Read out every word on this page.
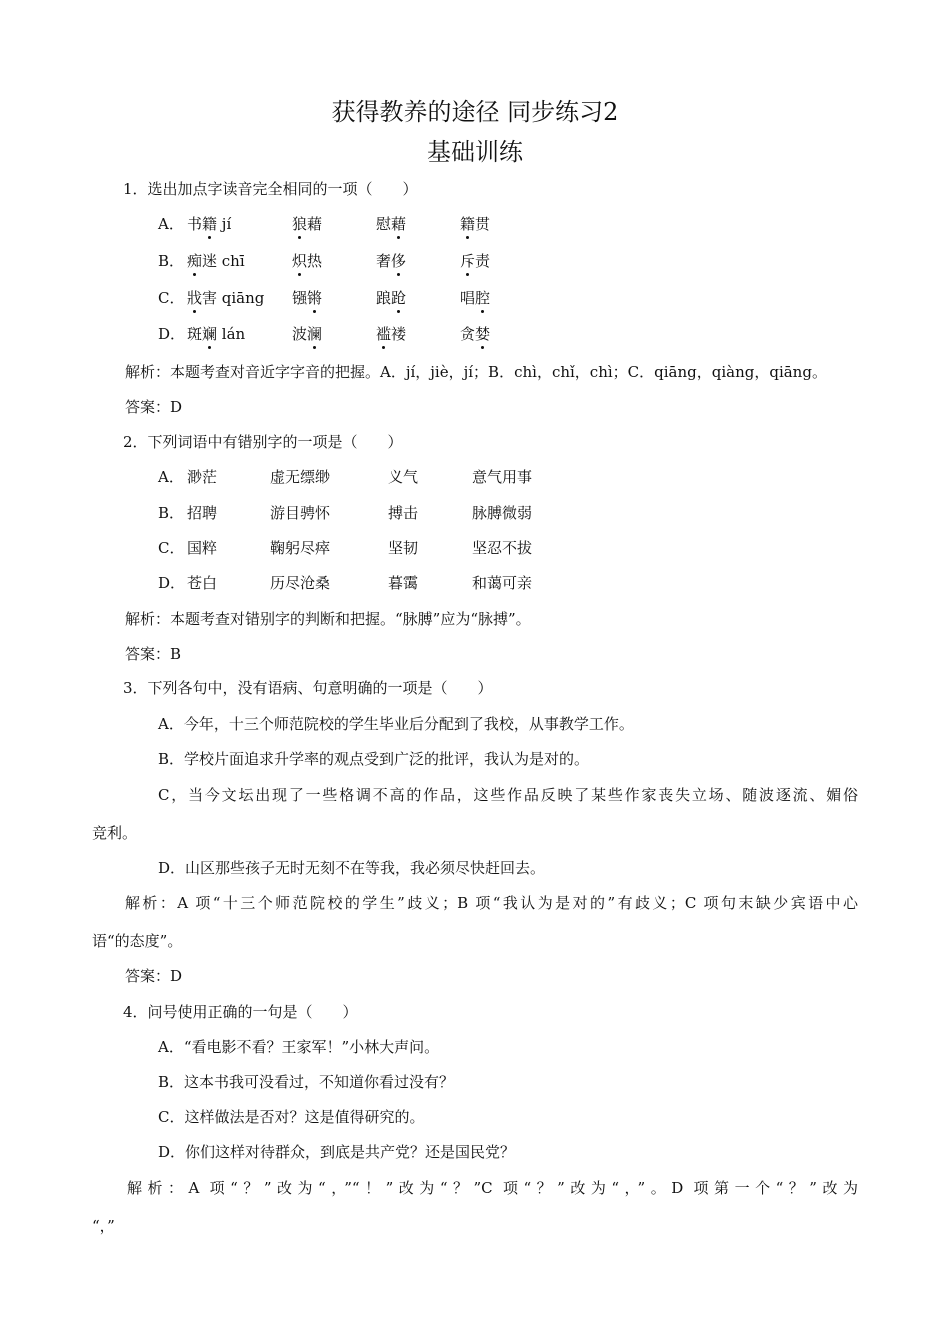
获得教养的途径 同步练习2
基础训练
1．选出加点字读音完全相同的一项（　　）
A． 书籍 jí	狼藉	慰藉	籍贯
B． 痴迷 chī	炽热	奢侈	斥责
C． 戕害 qiāng 镪锵	踉跄	唱腔
D． 斑斓 lán	波澜	褴褛	贪婪
解析：本题考查对音近字字音的把握。A．jí，jiè，jí；B．chì，chǐ，chì；C．qiāng，qiàng，qiāng。
答案：D
2．下列词语中有错别字的一项是（　　）
A． 渺茫	虚无缥缈	义气	意气用事
B． 招聘	游目骋怀	搏击	脉膊微弱
C． 国粹	鞠躬尽瘁	坚韧	坚忍不拔
D． 苍白	历尽沧桑	暮霭	和蔼可亲
解析：本题考查对错别字的判断和把握。“脉膊”应为“脉搏”。
答案：B
3．下列各句中，没有语病、句意明确的一项是（　　）
A．今年，十三个师范院校的学生毕业后分配到了我校，从事教学工作。
B．学校片面追求升学率的观点受到广泛的批评，我认为是对的。
C，当今文坛出现了一些格调不高的作品，这些作品反映了某些作家丧失立场、随波逐流、媚俗
竞利。
D．山区那些孩子无时无刻不在等我，我必须尽快赶回去。
解析：A 项“十三个师范院校的学生”歧义；B 项“我认为是对的”有歧义；C 项句末缺少宾语中心
语“的态度”。
答案：D
4．问号使用正确的一句是（　　）
A．“看电影不看？王家军！”小林大声问。
B．这本书我可没看过，不知道你看过没有？
C．这样做法是否对？这是值得研究的。
D．你们这样对待群众，到底是共产党？还是国民党？
解析：A 项“？”改为“，”“！”改为“？”C 项“？”改为“，”。D 项第一个“？”改为
“，”
